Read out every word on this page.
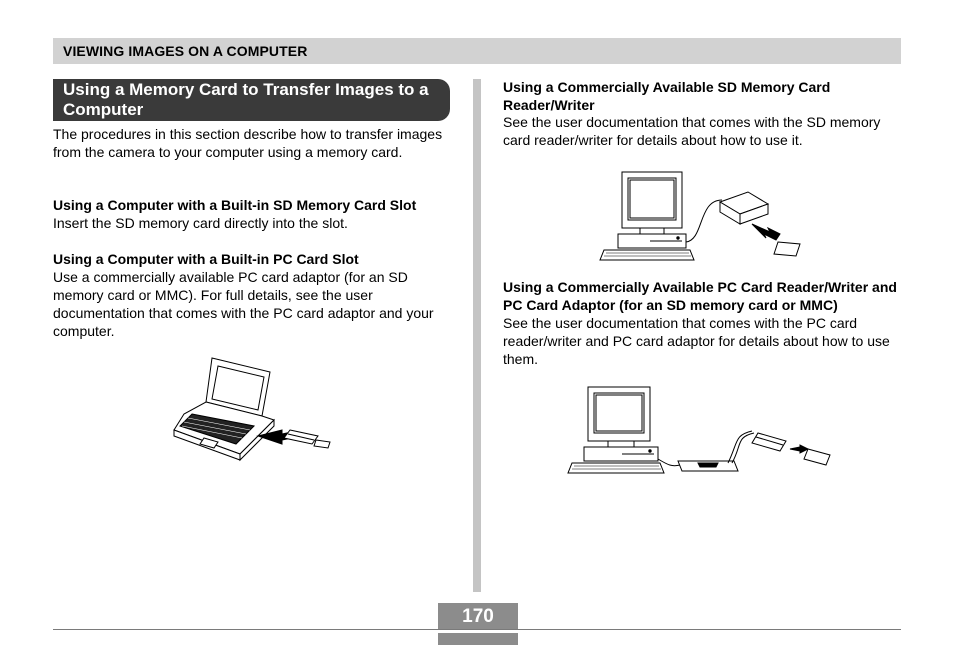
VIEWING IMAGES ON A COMPUTER
Using a Memory Card to Transfer Images to a Computer
The procedures in this section describe how to transfer images from the camera to your computer using a memory card.
Using a Computer with a Built-in SD Memory Card Slot
Insert the SD memory card directly into the slot.
Using a Computer with a Built-in PC Card Slot
Use a commercially available PC card adaptor (for an SD memory card or MMC). For full details, see the user documentation that comes with the PC card adaptor and your computer.
Using a Commercially Available SD Memory Card Reader/Writer
See the user documentation that comes with the SD memory card reader/writer for details about how to use it.
Using a Commercially Available PC Card Reader/Writer and PC Card Adaptor (for an SD memory card or MMC)
See the user documentation that comes with the PC card reader/writer and PC card adaptor for details about how to use them.
170
